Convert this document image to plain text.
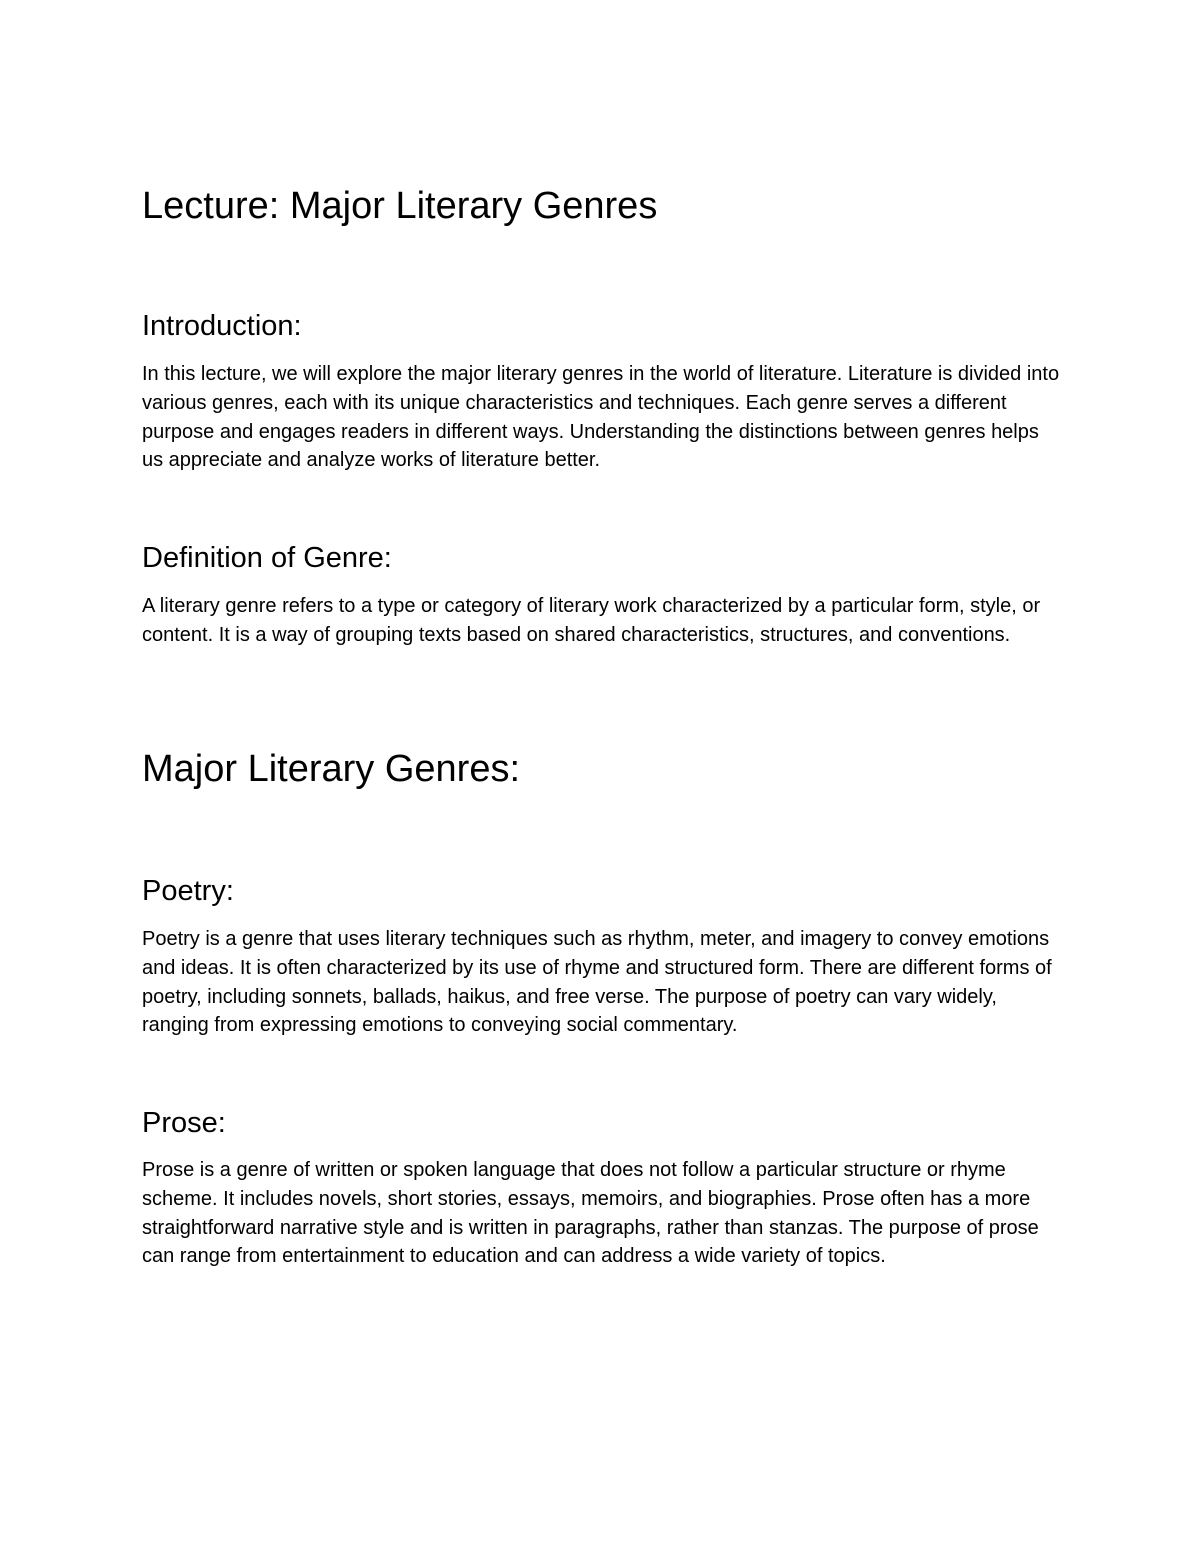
Lecture: Major Literary Genres
Introduction:

In this lecture, we will explore the major literary genres in the world of literature. Literature is divided into various genres, each with its unique characteristics and techniques. Each genre serves a different purpose and engages readers in different ways. Understanding the distinctions between genres helps us appreciate and analyze works of literature better.

Definition of Genre:

A literary genre refers to a type or category of literary work characterized by a particular form, style, or content. It is a way of grouping texts based on shared characteristics, structures, and conventions.

Major Literary Genres:
Poetry:

Poetry is a genre that uses literary techniques such as rhythm, meter, and imagery to convey emotions and ideas. It is often characterized by its use of rhyme and structured form. There are different forms of poetry, including sonnets, ballads, haikus, and free verse. The purpose of poetry can vary widely, ranging from expressing emotions to conveying social commentary.

Prose:

Prose is a genre of written or spoken language that does not follow a particular structure or rhyme scheme. It includes novels, short stories, essays, memoirs, and biographies. Prose often has a more straightforward narrative style and is written in paragraphs, rather than stanzas. The purpose of prose can range from entertainment to education and can address a wide variety of topics.
